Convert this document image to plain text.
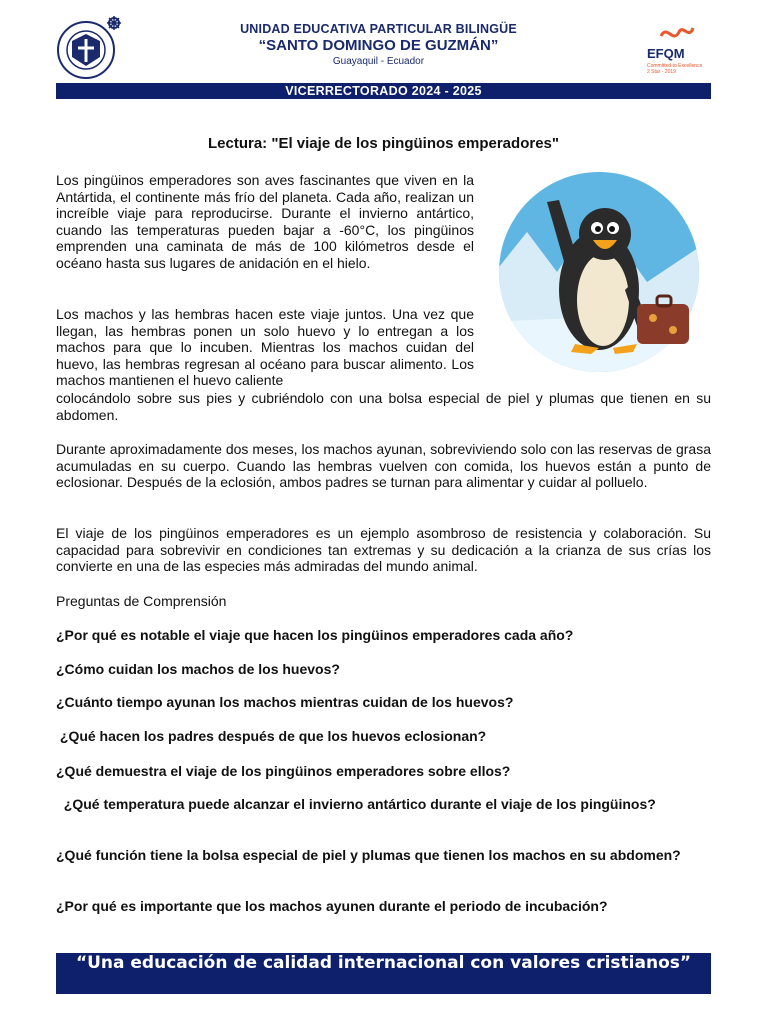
UNIDAD EDUCATIVA PARTICULAR BILINGÜE
“SANTO DOMINGO DE GUZMÁN”
Guayaquil - Ecuador
EFQM
Committed to Excellence
2 Star - 2019
VICERRECTORADO 2024 - 2025
Lectura: "El viaje de los pingüinos emperadores"
Los pingüinos emperadores son aves fascinantes que viven en la Antártida, el continente más frío del planeta. Cada año, realizan un increíble viaje para reproducirse. Durante el invierno antártico, cuando las temperaturas pueden bajar a -60°C, los pingüinos emprenden una caminata de más de 100 kilómetros desde el océano hasta sus lugares de anidación en el hielo.
Los machos y las hembras hacen este viaje juntos. Una vez que llegan, las hembras ponen un solo huevo y lo entregan a los machos para que lo incuben. Mientras los machos cuidan del huevo, las hembras regresan al océano para buscar alimento. Los machos mantienen el huevo caliente
colocándolo sobre sus pies y cubriéndolo con una bolsa especial de piel y plumas que tienen en su abdomen.
Durante aproximadamente dos meses, los machos ayunan, sobreviviendo solo con las reservas de grasa acumuladas en su cuerpo. Cuando las hembras vuelven con comida, los huevos están a punto de eclosionar. Después de la eclosión, ambos padres se turnan para alimentar y cuidar al polluelo.
El viaje de los pingüinos emperadores es un ejemplo asombroso de resistencia y colaboración. Su capacidad para sobrevivir en condiciones tan extremas y su dedicación a la crianza de sus crías los convierte en una de las especies más admiradas del mundo animal.
Preguntas de Comprensión
¿Por qué es notable el viaje que hacen los pingüinos emperadores cada año?
¿Cómo cuidan los machos de los huevos?
¿Cuánto tiempo ayunan los machos mientras cuidan de los huevos?
¿Qué hacen los padres después de que los huevos eclosionan?
¿Qué demuestra el viaje de los pingüinos emperadores sobre ellos?
¿Qué temperatura puede alcanzar el invierno antártico durante el viaje de los pingüinos?
¿Qué función tiene la bolsa especial de piel y plumas que tienen los machos en su abdomen?
¿Por qué es importante que los machos ayunen durante el periodo de incubación?
“Una educación de calidad internacional con valores cristianos”
